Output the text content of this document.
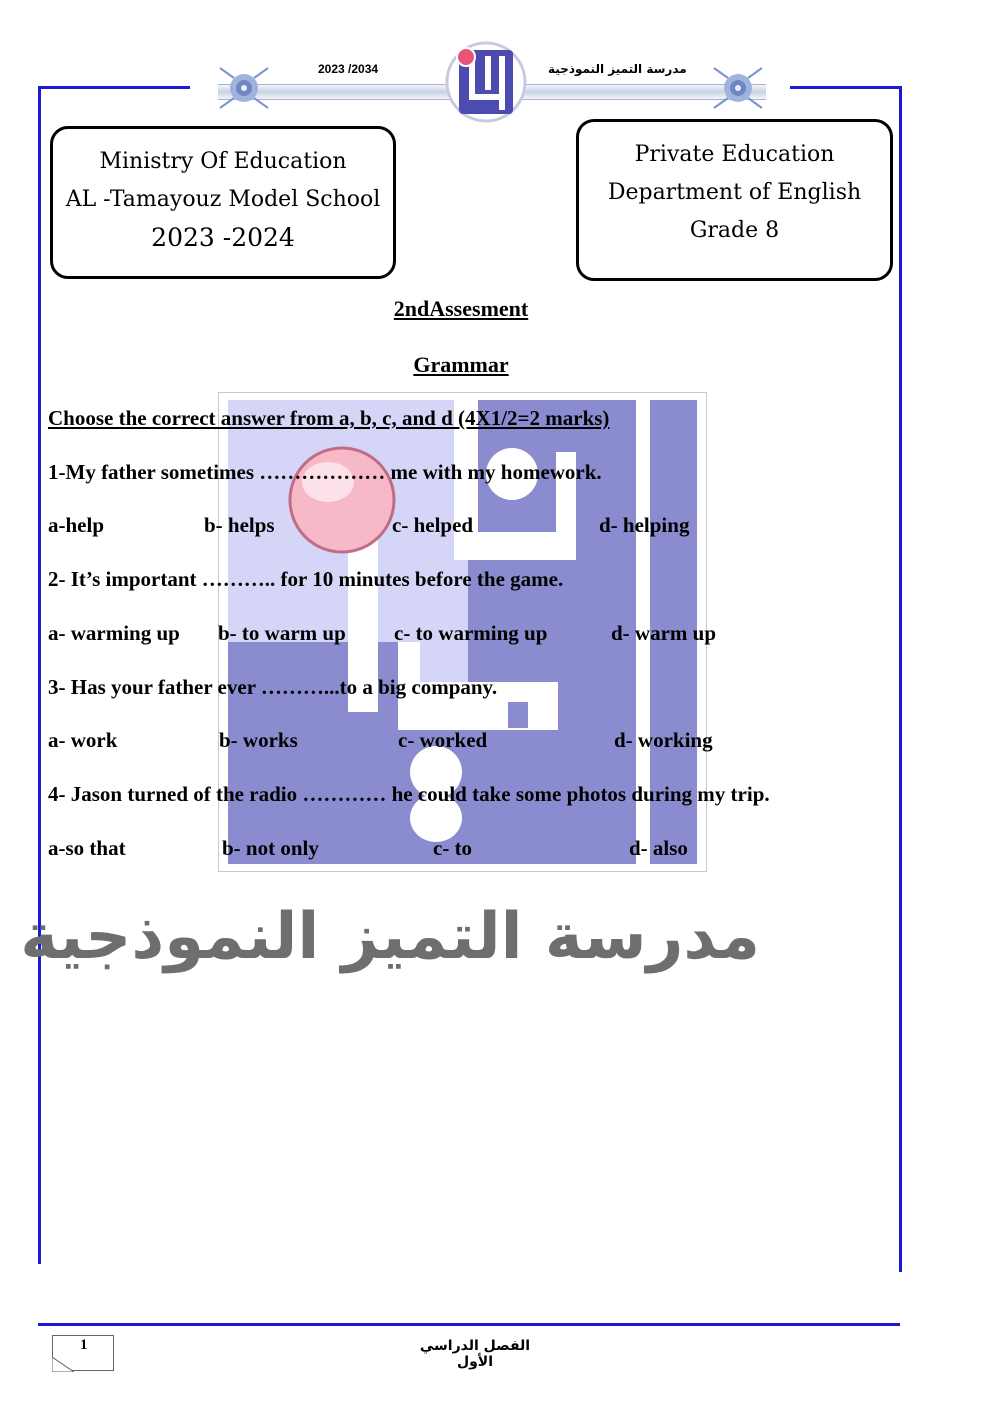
2023 /2034	مدرسة التميز النموذجية
Ministry Of Education
AL -Tamayouz Model School
2023 -2024
Private Education
Department of English
Grade 8
2ndAssesment
Grammar
Choose the correct answer from a, b, c, and d (4X1/2=2 marks)
1-My father sometimes ……………… me with my homework.
a-help	b- helps	c- helped	d- helping
2- It’s important ……….. for 10 minutes before the game.
a- warming up b- to warm up c- to warming up	d- warm up
3- Has your father ever ………...to a big company.
a- work	b- works	c- worked	d- working
4- Jason turned of the radio ………… he could take some photos during my trip.
a-so that	b- not only	c- to	d- also
مدرسة التميز النموذجية
1	الفصل الدراسي الأول
